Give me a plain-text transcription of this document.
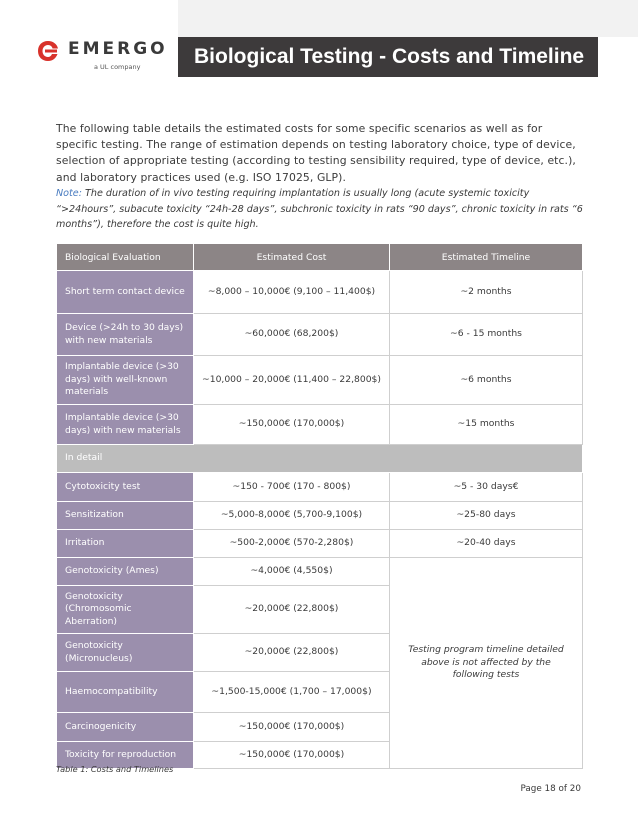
EMERGO
a UL company	Biological Testing - Costs and Timeline

The following table details the estimated costs for some specific scenarios as well as for specific testing. The range of estimation depends on testing laboratory choice, type of device, selection of appropriate testing (according to testing sensibility required, type of device, etc.), and laboratory practices used (e.g. ISO 17025, GLP).

Note: The duration of in vivo testing requiring implantation is usually long (acute systemic toxicity “>24hours”, subacute toxicity “24h-28 days”, subchronic toxicity in rats “90 days”, chronic toxicity in rats “6 months”), therefore the cost is quite high.

Biological Evaluation	Estimated Cost	Estimated Timeline
Short term contact device	~8,000 – 10,000€ (9,100 – 11,400$)	~2 months
Device (>24h to 30 days) with new materials	~60,000€ (68,200$)	~6 - 15 months
Implantable device (>30 days) with well-known materials	~10,000 – 20,000€ (11,400 – 22,800$)	~6 months
Implantable device (>30 days) with new materials	~150,000€ (170,000$)	~15 months
In detail		
Cytotoxicity test	~150 - 700€ (170 - 800$)	~5 - 30 days€
Sensitization	~5,000-8,000€ (5,700-9,100$)	~25-80 days
Irritation	~500-2,000€ (570-2,280$)	~20-40 days
Genotoxicity (Ames)	~4,000€ (4,550$)	Testing program timeline detailed above is not affected by the following tests
Genotoxicity (Chromosomic Aberration)	~20,000€ (22,800$)	
Genotoxicity (Micronucleus)	~20,000€ (22,800$)	
Haemocompatibility	~1,500-15,000€ (1,700 – 17,000$)	
Carcinogenicity	~150,000€ (170,000$)	
Toxicity for reproduction	~150,000€ (170,000$)	
Table 1: Costs and Timelines
Page 18 of 20
